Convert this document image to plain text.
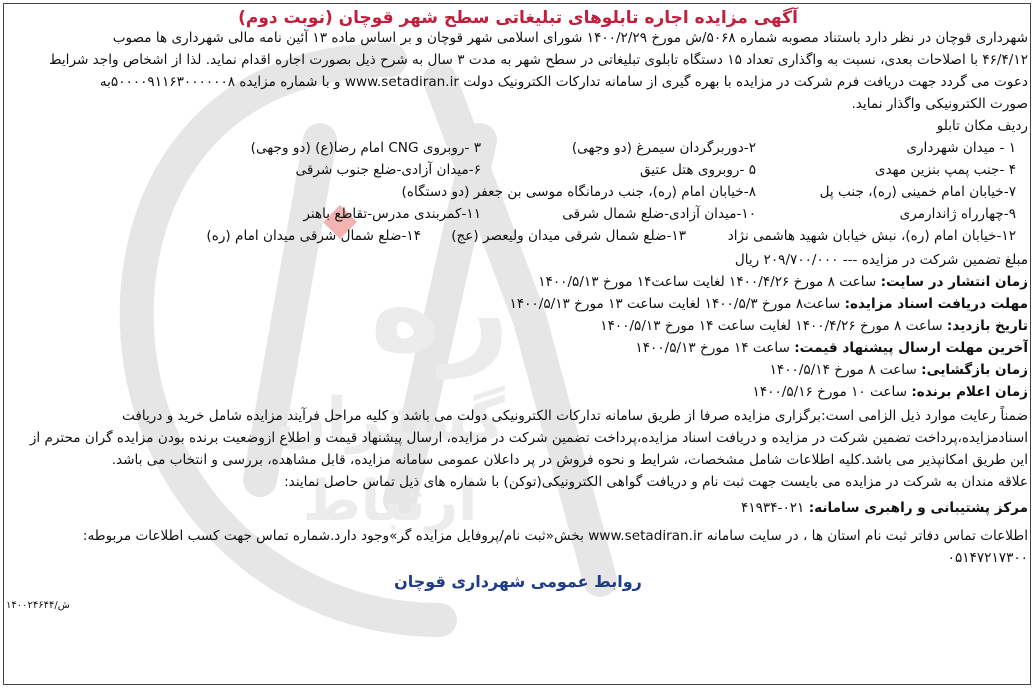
ره
گستران
ارتباط
آگهی مزایده اجاره تابلوهای تبلیغاتی سطح شهر قوچان (نوبت دوم)
شهرداری قوچان در نظر دارد باستناد مصوبه شماره ۵۰۶۸/ش مورخ ۱۴۰۰/۲/۲۹ شورای اسلامی شهر قوچان و بر اساس ماده ۱۳ آئین نامه مالی شهرداری ها مصوب
۴۶/۴/۱۲ با اصلاحات بعدی، نسبت به واگذاری تعداد ۱۵ دستگاه تابلوی تبلیغاتی در سطح شهر به مدت ۳ سال به شرح ذیل بصورت اجاره اقدام نماید. لذا از اشخاص واجد شرایط
دعوت می گردد جهت دریافت فرم شرکت در مزایده با بهره گیری از سامانه تدارکات الکترونیک دولت www.setadiran.ir و با شماره مزایده ۵۰۰۰۰۹۱۱۶۳۰۰۰۰۰۰۸به
صورت الکترونیکی واگذار نماید.
ردیف مکان تابلو
۱ - میدان شهرداری
۲-دوربرگردان سیمرغ (دو وجهی)
۳ -روبروی CNG امام رضا(ع) (دو وجهی)
۴ -جنب پمپ بنزین مهدی
۵ -روبروی هتل عتیق
۶-میدان آزادی-ضلع جنوب شرقی
۷-خیابان امام خمینی (ره)، جنب پل
۸-خیابان امام (ره)، جنب درمانگاه موسی بن جعفر (دو دستگاه)
۹-چهارراه ژاندارمری
۱۰-میدان آزادی-ضلع شمال شرقی
۱۱-کمربندی مدرس-تقاطع باهنر
۱۲-خیابان امام (ره)، نبش خیابان شهید هاشمی نژاد
۱۳-ضلع شمال شرقی میدان ولیعصر (عج)
۱۴-ضلع شمال شرقی میدان امام (ره)
مبلغ تضمین شرکت در مزایده --- ۲۰۹/۷۰۰/۰۰۰ ریال
زمان انتشار در سایت: ساعت ۸ مورخ ۱۴۰۰/۴/۲۶ لغایت ساعت۱۴ مورخ ۱۴۰۰/۵/۱۳
مهلت دریافت اسناد مزایده: ساعت۸ مورخ ۱۴۰۰/۵/۳ لغایت ساعت ۱۳ مورخ ۱۴۰۰/۵/۱۳
تاریخ بازدید: ساعت ۸ مورخ ۱۴۰۰/۴/۲۶ لغایت ساعت ۱۴ مورخ ۱۴۰۰/۵/۱۳
آخرین مهلت ارسال پیشنهاد قیمت: ساعت ۱۴ مورخ ۱۴۰۰/۵/۱۳
زمان بازگشایی: ساعت ۸ مورخ ۱۴۰۰/۵/۱۴
زمان اعلام برنده: ساعت ۱۰ مورخ ۱۴۰۰/۵/۱۶
ضمناً رعایت موارد ذیل الزامی است:برگزاری مزایده صرفا از طریق سامانه تدارکات الکترونیکی دولت می باشد و کلیه مراحل فرآیند مزایده شامل خرید و دریافت
اسنادمزایده،پرداخت تضمین شرکت در مزایده و دریافت اسناد مزایده،پرداخت تضمین شرکت در مزایده، ارسال پیشنهاد قیمت و اطلاع ازوضعیت برنده بودن مزایده گران محترم از
این طریق امکانپذیر می باشد.کلیه اطلاعات شامل مشخصات، شرایط و نحوه فروش در پر داعلان عمومی سامانه مزایده، قابل مشاهده، بررسی و انتخاب می باشد.
علاقه مندان به شرکت در مزایده می بایست جهت ثبت نام و دریافت گواهی الکترونیکی(توکن) با شماره های ذیل تماس حاصل نمایند:
مرکز پشتیبانی و راهبری سامانه: ۰۲۱-۴۱۹۳۴
اطلاعات تماس دفاتر ثبت نام استان ها ، در سایت سامانه www.setadiran.ir بخش«ثبت نام/پروفایل مزایده گر»وجود دارد.شماره تماس جهت کسب اطلاعات مربوطه:
۰۵۱۴۷۲۱۷۳۰۰
روابط عمومی شهرداری قوچان
۱۴۰۰۲۴۶۴۴/ش
